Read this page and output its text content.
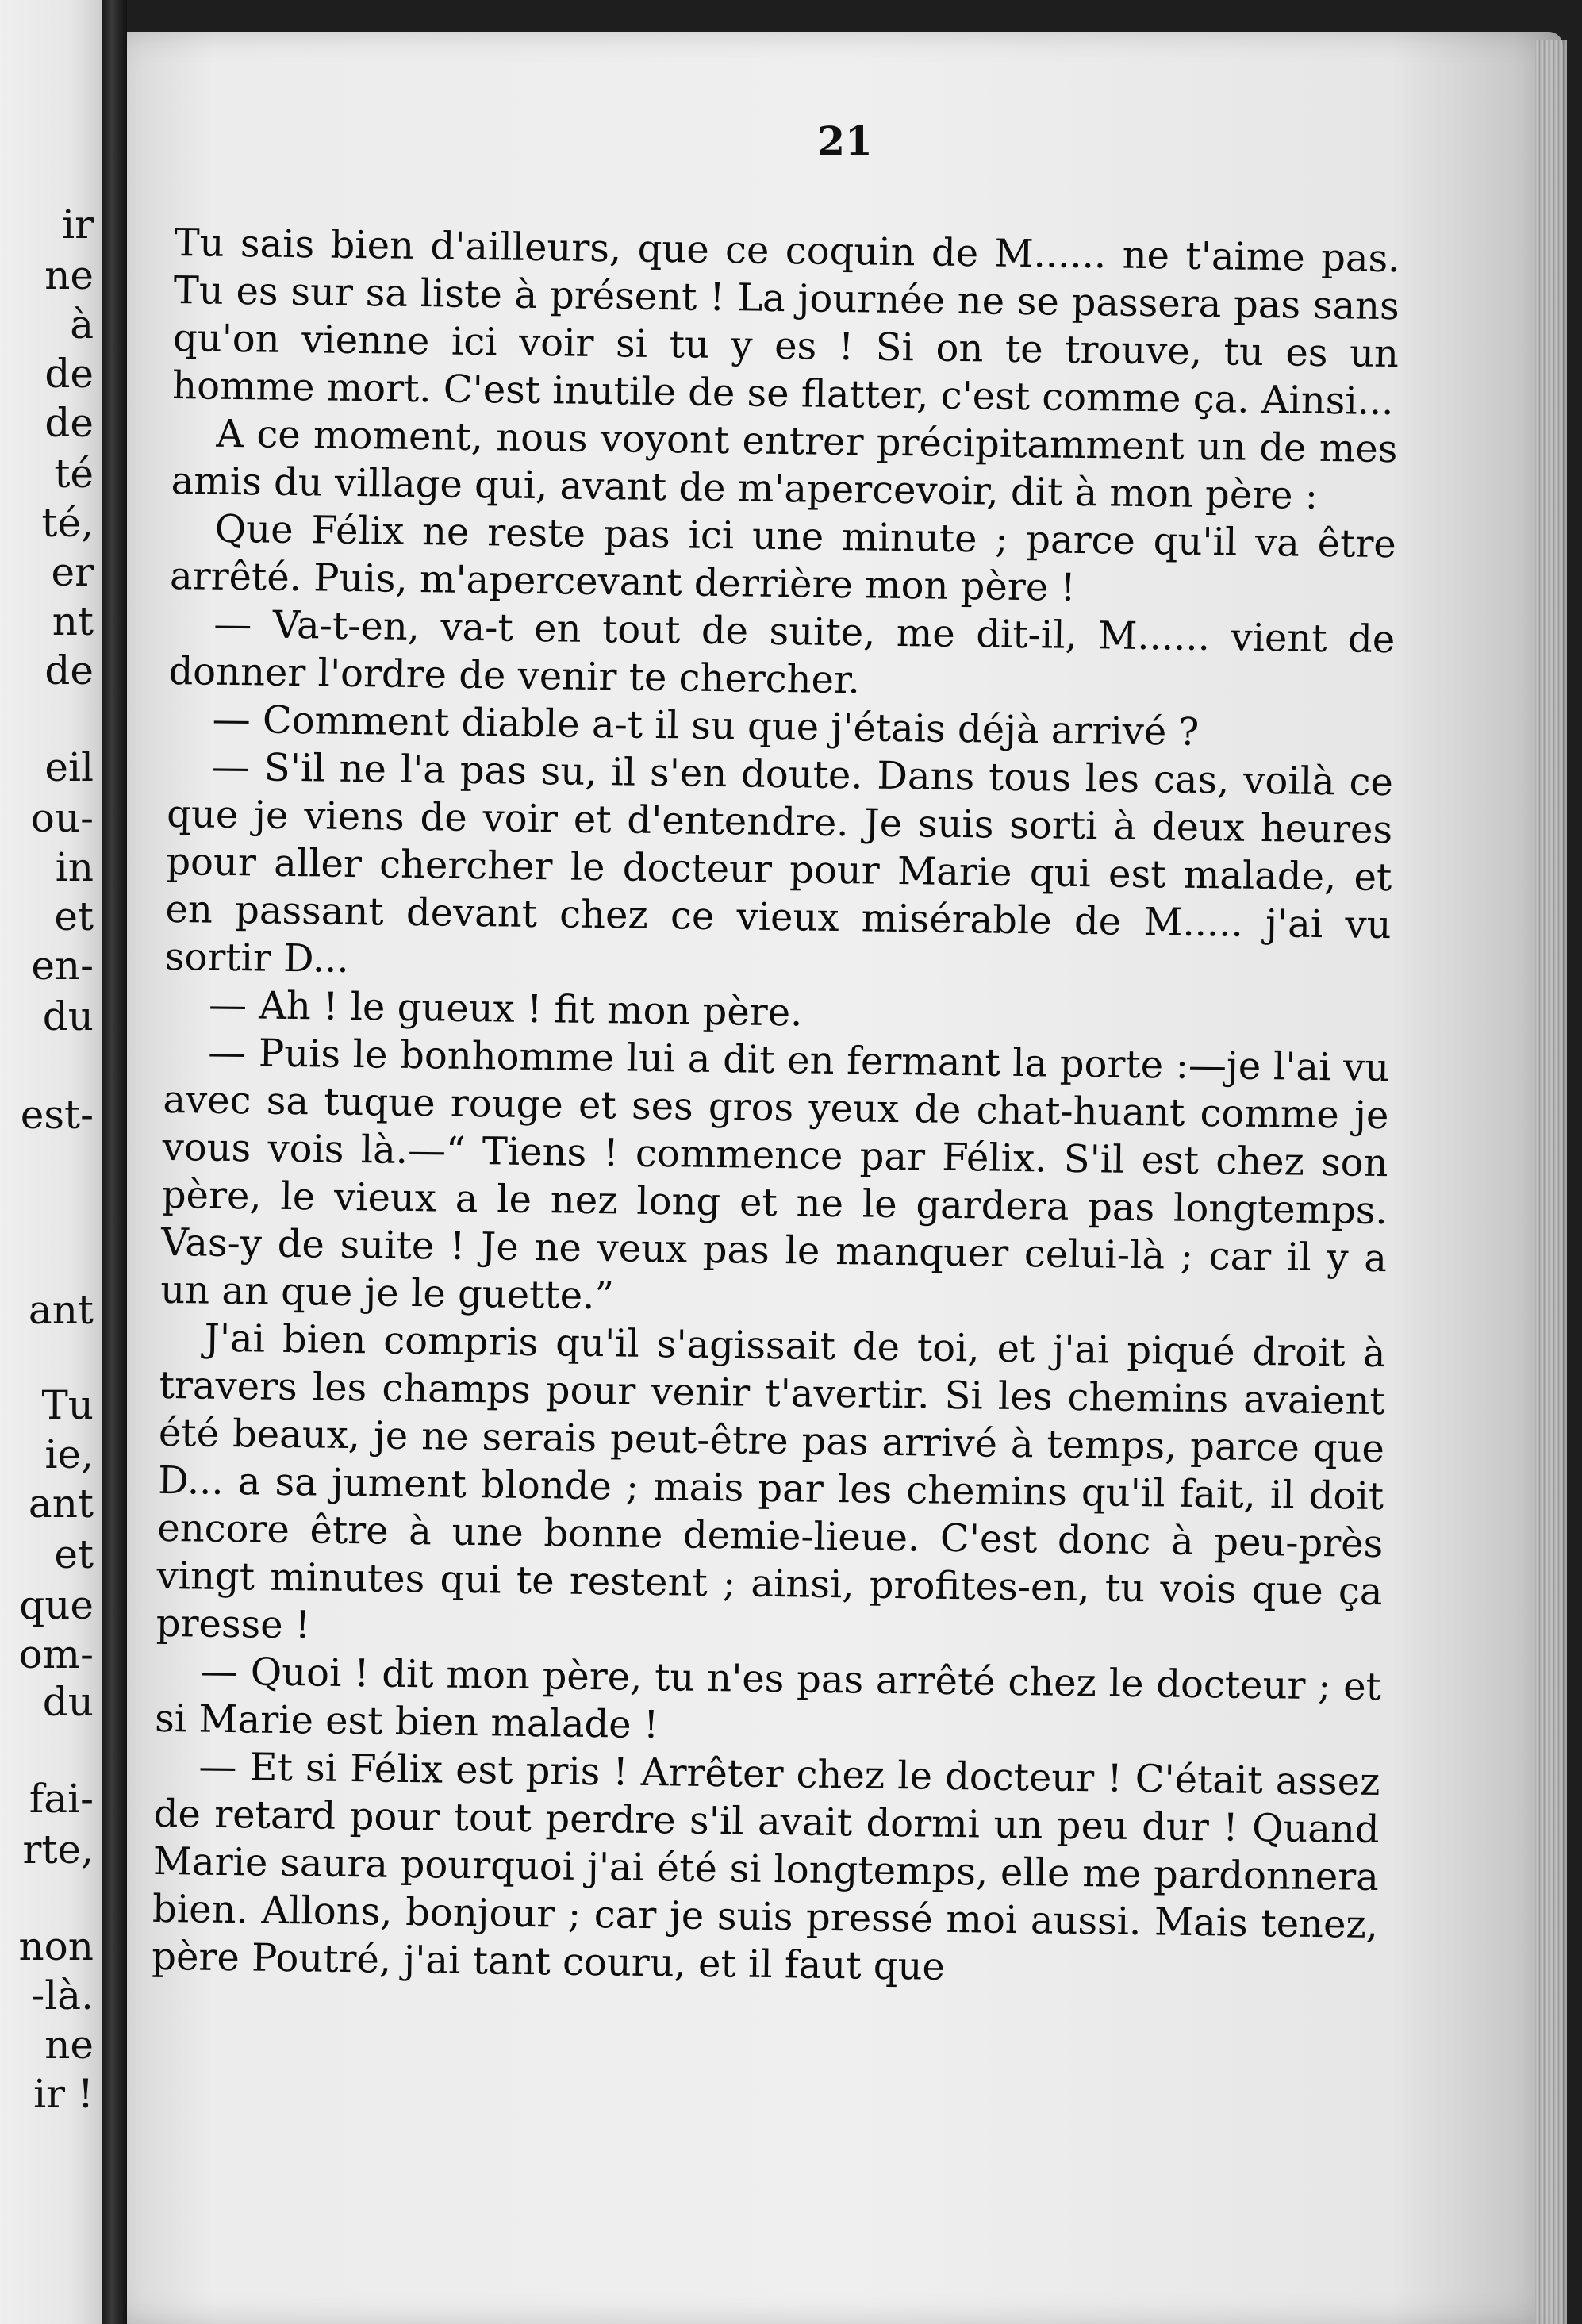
ir
ne
à
de
de
té
té,
er
nt
de
eil
ou-
in
et
en-
du
est-
ant
Tu
ie,
ant
et
que
om-
du
fai-
rte,
non
-là.
ne
ir !
21

Tu sais bien d'ailleurs, que ce coquin de M...... ne t'aime pas. Tu es sur sa liste à présent ! La journée ne se passera pas sans qu'on vienne ici voir si tu y es ! Si on te trouve, tu es un homme mort. C'est inutile de se flatter, c'est comme ça. Ainsi...

A ce moment, nous voyont entrer précipitamment un de mes amis du village qui, avant de m'apercevoir, dit à mon père :

Que Félix ne reste pas ici une minute ; parce qu'il va être arrêté. Puis, m'apercevant derrière mon père !

— Va-t-en, va-t en tout de suite, me dit-il, M...... vient de donner l'ordre de venir te chercher.

— Comment diable a-t il su que j'étais déjà arrivé ?

— S'il ne l'a pas su, il s'en doute. Dans tous les cas, voilà ce que je viens de voir et d'entendre. Je suis sorti à deux heures pour aller chercher le docteur pour Marie qui est malade, et en passant devant chez ce vieux misérable de M..... j'ai vu sortir D...

— Ah ! le gueux ! fit mon père.

— Puis le bonhomme lui a dit en fermant la porte :—je l'ai vu avec sa tuque rouge et ses gros yeux de chat-huant comme je vous vois là.—“ Tiens ! commence par Félix. S'il est chez son père, le vieux a le nez long et ne le gardera pas longtemps. Vas-y de suite ! Je ne veux pas le manquer celui-là ; car il y a un an que je le guette.”

J'ai bien compris qu'il s'agissait de toi, et j'ai piqué droit à travers les champs pour venir t'avertir. Si les chemins avaient été beaux, je ne serais peut-être pas arrivé à temps, parce que D... a sa jument blonde ; mais par les chemins qu'il fait, il doit encore être à une bonne demie-lieue. C'est donc à peu-près vingt minutes qui te restent ; ainsi, profites-en, tu vois que ça presse !

— Quoi ! dit mon père, tu n'es pas arrêté chez le docteur ; et si Marie est bien malade !

— Et si Félix est pris ! Arrêter chez le docteur ! C'était assez de retard pour tout perdre s'il avait dormi un peu dur ! Quand Marie saura pourquoi j'ai été si longtemps, elle me pardonnera bien. Allons, bonjour ; car je suis pressé moi aussi. Mais tenez, père Poutré, j'ai tant couru, et il faut que
